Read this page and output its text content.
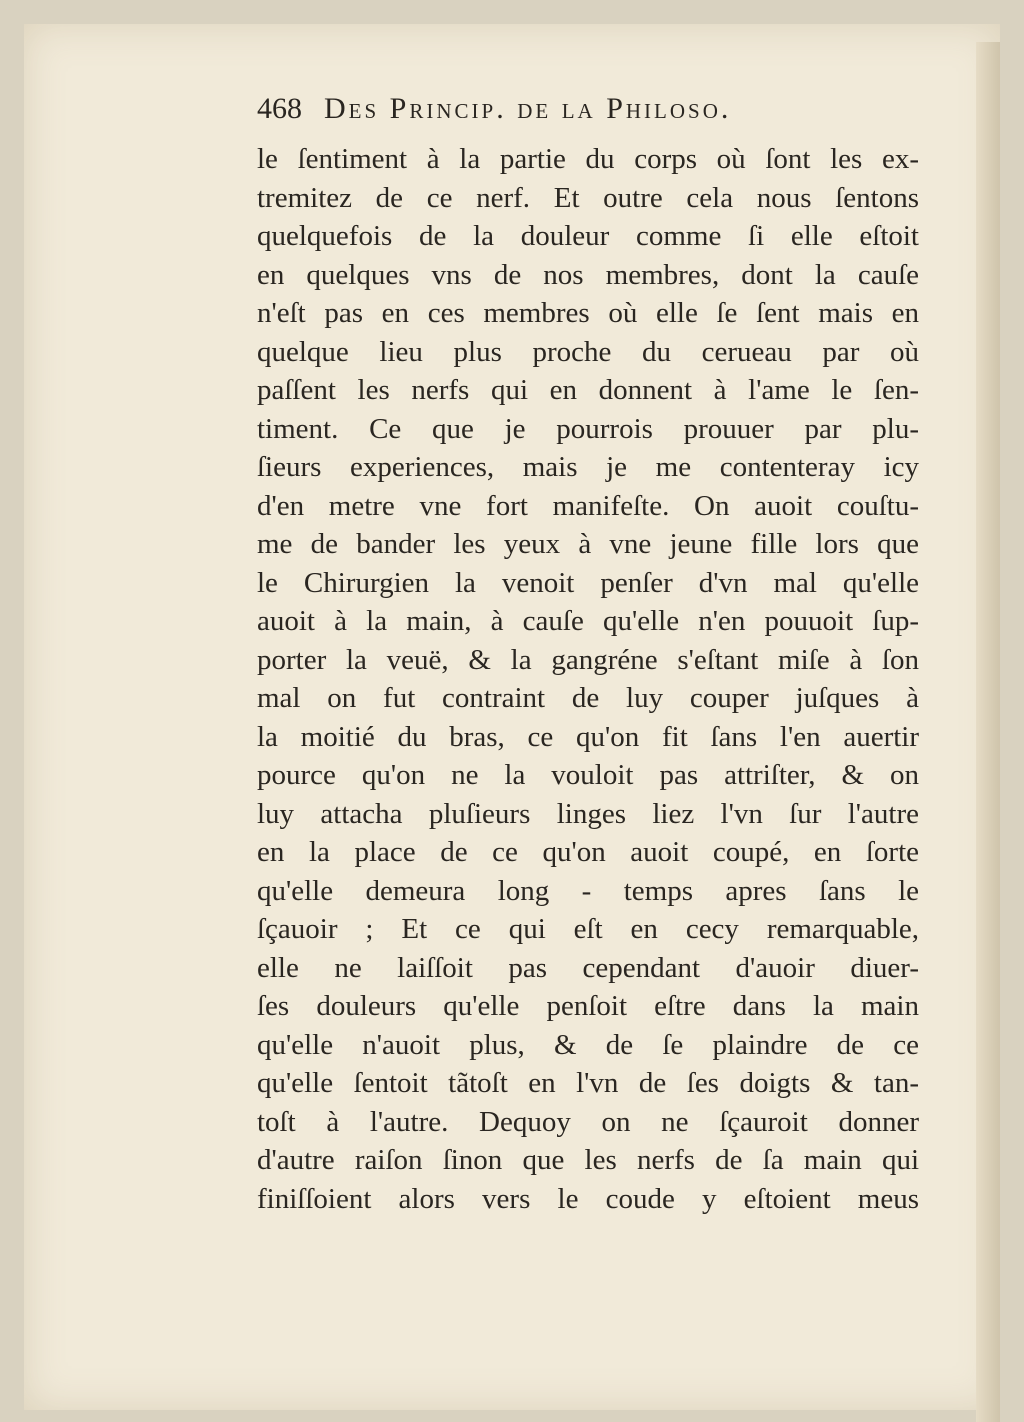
468 Des Princip. de la Philoso.
le ſentiment à la partie du corps où ſont les ex-
tremitez de ce nerf. Et outre cela nous ſentons
quelquefois de la douleur comme ſi elle eſtoit
en quelques vns de nos membres, dont la cauſe
n'eſt pas en ces membres où elle ſe ſent mais en
quelque lieu plus proche du cerueau par où
paſſent les nerfs qui en donnent à l'ame le ſen-
timent. Ce que je pourrois prouuer par plu-
ſieurs experiences, mais je me contenteray icy
d'en metre vne fort manifeſte. On auoit couſtu-
me de bander les yeux à vne jeune fille lors que
le Chirurgien la venoit penſer d'vn mal qu'elle
auoit à la main, à cauſe qu'elle n'en pouuoit ſup-
porter la veuë, & la gangréne s'eſtant miſe à ſon
mal on fut contraint de luy couper juſques à
la moitié du bras, ce qu'on fit ſans l'en auertir
pource qu'on ne la vouloit pas attriſter, & on
luy attacha pluſieurs linges liez l'vn ſur l'autre
en la place de ce qu'on auoit coupé, en ſorte
qu'elle demeura long - temps apres ſans le
ſçauoir ; Et ce qui eſt en cecy remarquable,
elle ne laiſſoit pas cependant d'auoir diuer-
ſes douleurs qu'elle penſoit eſtre dans la main
qu'elle n'auoit plus, & de ſe plaindre de ce
qu'elle ſentoit tãtoſt en l'vn de ſes doigts & tan-
toſt à l'autre. Dequoy on ne ſçauroit donner
d'autre raiſon ſinon que les nerfs de ſa main qui
finiſſoient alors vers le coude y eſtoient meus
